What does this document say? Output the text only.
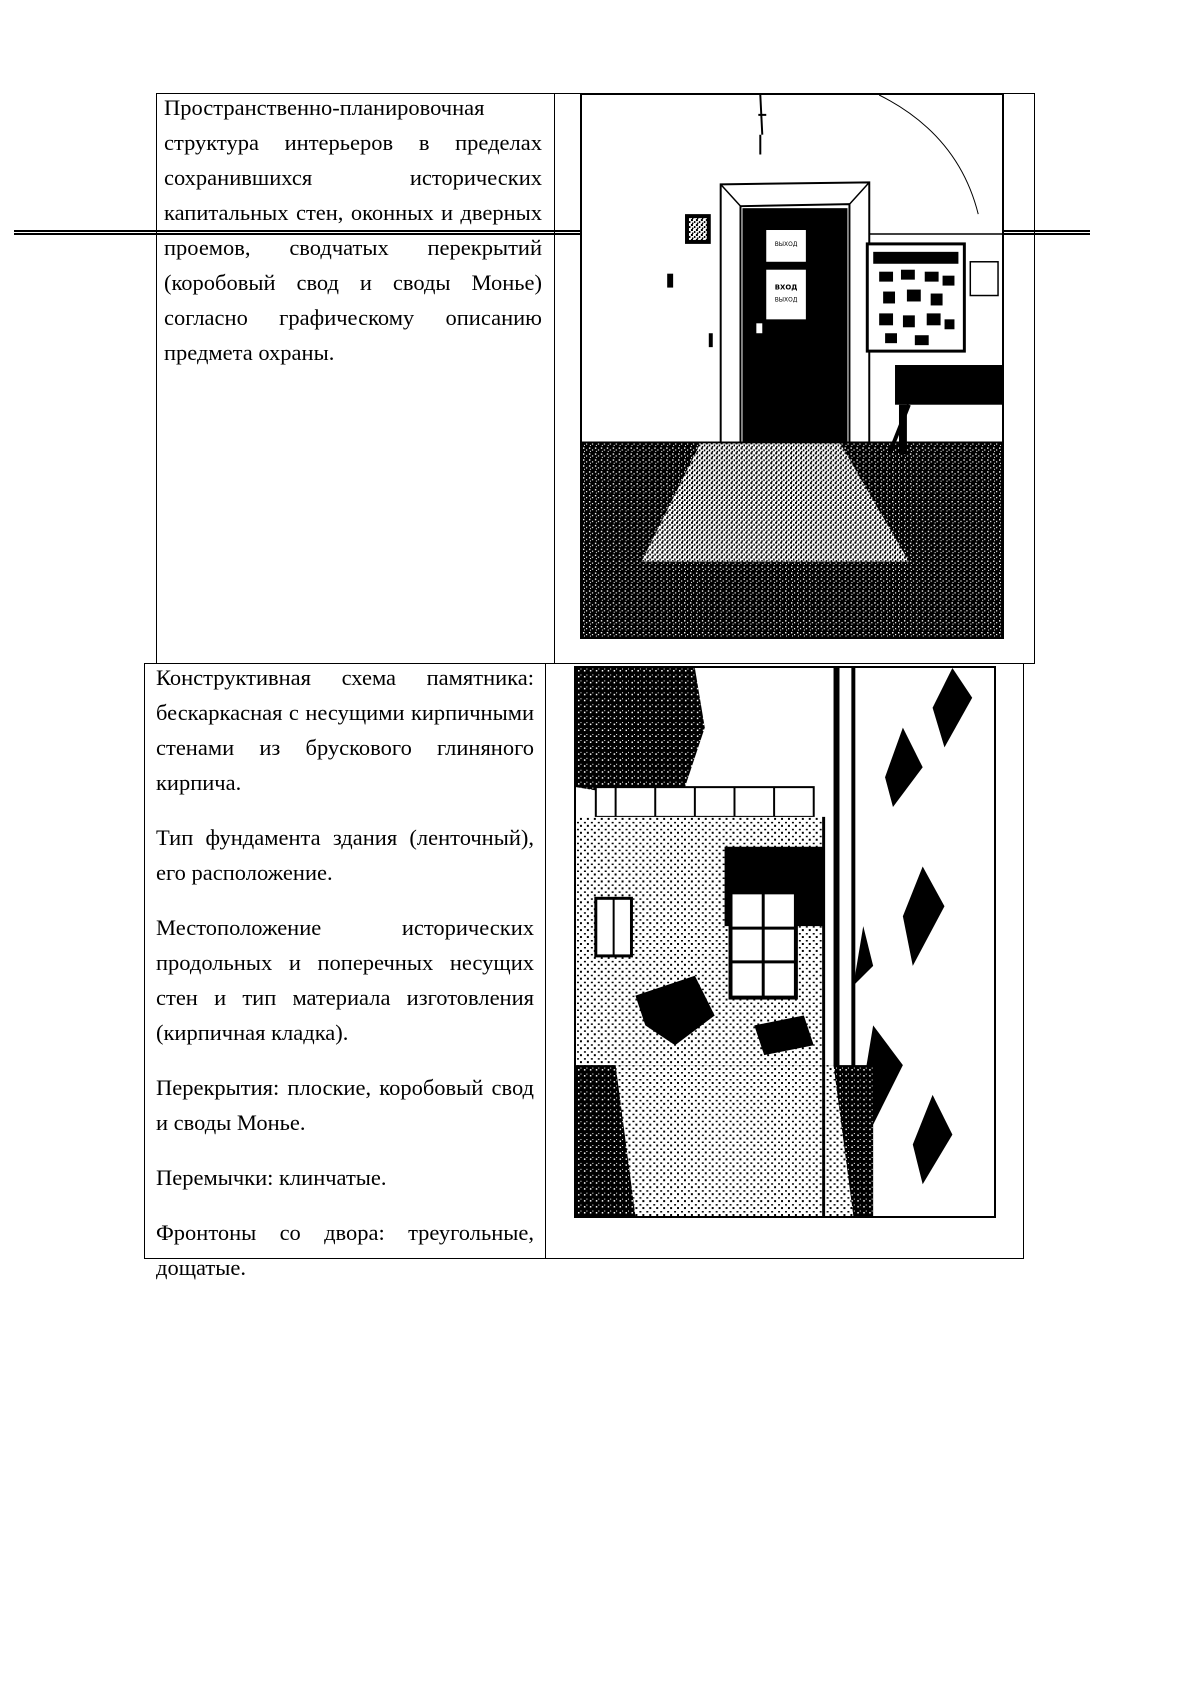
Пространственно-планировочная структура интерьеров в пределах сохранившихся исторических капитальных стен, оконных и дверных проемов, сводчатых перекрытий (коробовый свод и своды Монье) согласно графическому описанию предмета охраны.

ВЫХОД
ВХОД
ВЫХОД

Конструктивная схема памятника: бескаркасная с несущими кирпичными стенами из брускового глиняного кирпича.

Тип фундамента здания (ленточный), его расположение.

Местоположение исторических продольных и поперечных несущих стен и тип материала изготовления (кирпичная кладка).

Перекрытия: плоские, коробовый свод и своды Монье.

Перемычки: клинчатые.

Фронтоны со двора: треугольные, дощатые.
